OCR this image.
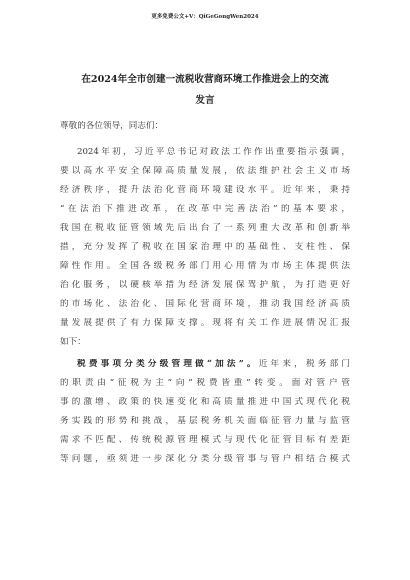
更多免费公文+V：QiGeGongWen2024
在2024年全市创建一流税收营商环境工作推进会上的交流
发言
尊敬的各位领导，同志们：
2024年初，习近平总书记对政法工作作出重要指示强调，
要以高水平安全保障高质量发展，依法维护社会主义市场
经济秩序，提升法治化营商环境建设水平。近年来，秉持
“在法治下推进改革，在改革中完善法治”的基本要求，
我国在税收征管领域先后出台了一系列重大改革和创新举
措，充分发挥了税收在国家治理中的基础性、支柱性、保
障性作用。全国各级税务部门用心用情为市场主体提供法
治化服务，以硬核举措为经济发展保驾护航，为打造更好
的市场化、法治化、国际化营商环境，推动我国经济高质
量发展提供了有力保障支撑。现将有关工作进展情况汇报
如下：
税费事项分类分级管理做“加法”。近年来，税务部门
的职责由“征税为主”向“税费皆重”转变。面对管户管
事的激增、政策的快速变化和高质量推进中国式现代化税
务实践的形势和挑战，基层税务机关面临征管力量与监管
需求不匹配、传统税源管理模式与现代化征管目标有差距
等问题，亟须进一步深化分类分级管事与管户相结合模式
